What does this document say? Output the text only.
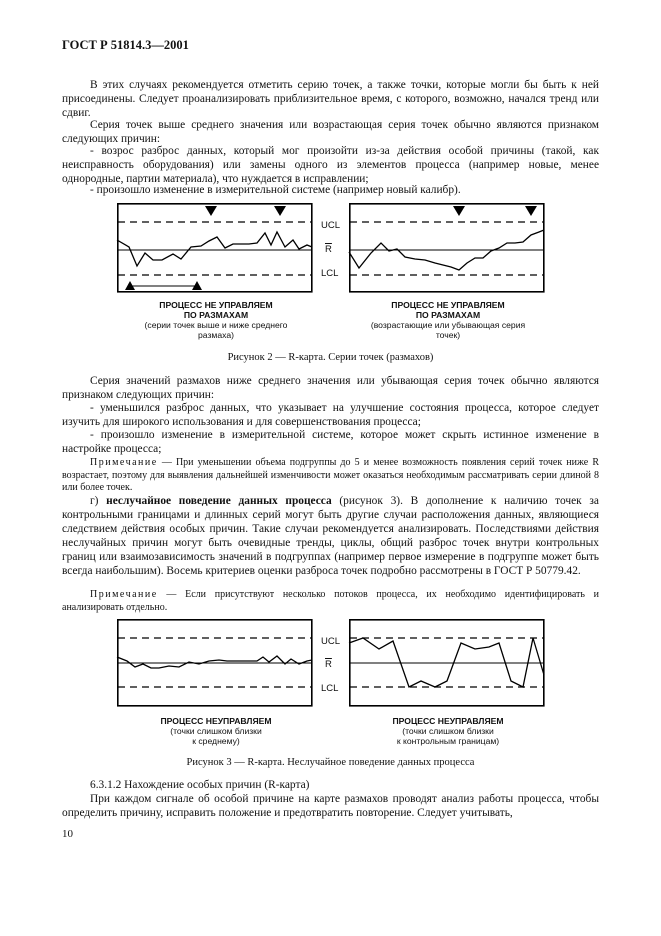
ГОСТ Р 51814.3—2001
В этих случаях рекомендуется отметить серию точек, а также точки, которые могли бы быть к ней присоединены. Следует проанализировать приблизительное время, с которого, возможно, начался тренд или сдвиг.
Серия точек выше среднего значения или возрастающая серия точек обычно являются признаком следующих причин:
- возрос разброс данных, который мог произойти из-за действия особой причины (такой, как неисправность оборудования) или замены одного из элементов процесса (например новые, менее однородные, партии материала), что нуждается в исправлении;
- произошло изменение в измерительной системе (например новый калибр).
UCL
$\overline{R}$
LCL
ПРОЦЕСС НЕ УПРАВЛЯЕМ
ПО РАЗМАХАМ
(серии точек выше и ниже среднего размаха)
ПРОЦЕСС НЕ УПРАВЛЯЕМ
ПО РАЗМАХАМ
(возрастающие или убывающая серия точек)
Рисунок 2 — R-карта. Серии точек (размахов)
Серия значений размахов ниже среднего значения или убывающая серия точек обычно являются признаком следующих причин:
- уменьшился разброс данных, что указывает на улучшение состояния процесса, которое следует изучить для широкого использования и для совершенствования процесса;
- произошло изменение в измерительной системе, которое может скрыть истинное изменение в настройке процесса;
Примечание — При уменьшении объема подгруппы до 5 и менее возможность появления серий точек ниже R возрастает, поэтому для выявления дальнейшей изменчивости может оказаться необходимым рассматривать серии длиной 8 или более точек.
г) неслучайное поведение данных процесса (рисунок 3). В дополнение к наличию точек за контрольными границами и длинных серий могут быть другие случаи расположения данных, являющиеся следствием действия особых причин. Такие случаи рекомендуется анализировать. Последствиями действия неслучайных причин могут быть очевидные тренды, циклы, общий разброс точек внутри контрольных границ или взаимозависимость значений в подгруппах (например первое измерение в подгруппе может быть всегда наибольшим). Восемь критериев оценки разброса точек подробно рассмотрены в ГОСТ Р 50779.42.
Примечание — Если присутствуют несколько потоков процесса, их необходимо идентифицировать и анализировать отдельно.
UCL
$\overline{R}$
LCL
ПРОЦЕСС НЕУПРАВЛЯЕМ
(точки слишком близки
к среднему)
ПРОЦЕСС НЕУПРАВЛЯЕМ
(точки слишком близки
к контрольным границам)
Рисунок 3 — R-карта. Неслучайное поведение данных процесса
6.3.1.2 Нахождение особых причин (R-карта)
При каждом сигнале об особой причине на карте размахов проводят анализ работы процесса, чтобы определить причину, исправить положение и предотвратить повторение. Следует учитывать,
10
